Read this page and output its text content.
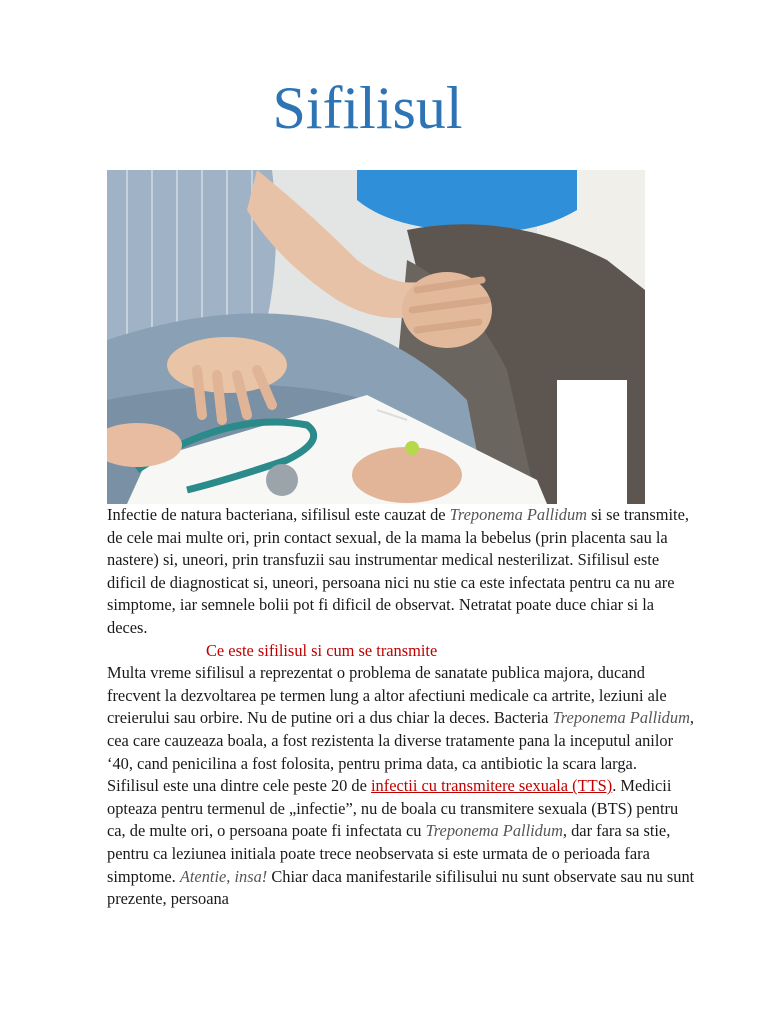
Sifilisul

Infectie de natura bacteriana, sifilisul este cauzat de Treponema Pallidum si se transmite, de cele mai multe ori, prin contact sexual, de la mama la bebelus (prin placenta sau la nastere) si, uneori, prin transfuzii sau instrumentar medical nesterilizat. Sifilisul este dificil de diagnosticat si, uneori, persoana nici nu stie ca este infectata pentru ca nu are simptome, iar semnele bolii pot fi dificil de observat. Netratat poate duce chiar si la deces.

Ce este sifilisul si cum se transmite

Multa vreme sifilisul a reprezentat o problema de sanatate publica majora, ducand frecvent la dezvoltarea pe termen lung a altor afectiuni medicale ca artrite, leziuni ale creierului sau orbire. Nu de putine ori a dus chiar la deces. Bacteria Treponema Pallidum, cea care cauzeaza boala, a fost rezistenta la diverse tratamente pana la inceputul anilor ‘40, cand penicilina a fost folosita, pentru prima data, ca antibiotic la scara larga.

Sifilisul este una dintre cele peste 20 de infectii cu transmitere sexuala (TTS). Medicii opteaza pentru termenul de „infectie”, nu de boala cu transmitere sexuala (BTS) pentru ca, de multe ori, o persoana poate fi infectata cu Treponema Pallidum, dar fara sa stie, pentru ca leziunea initiala poate trece neobservata si este urmata de o perioada fara simptome. Atentie, insa! Chiar daca manifestarile sifilisului nu sunt observate sau nu sunt prezente, persoana
